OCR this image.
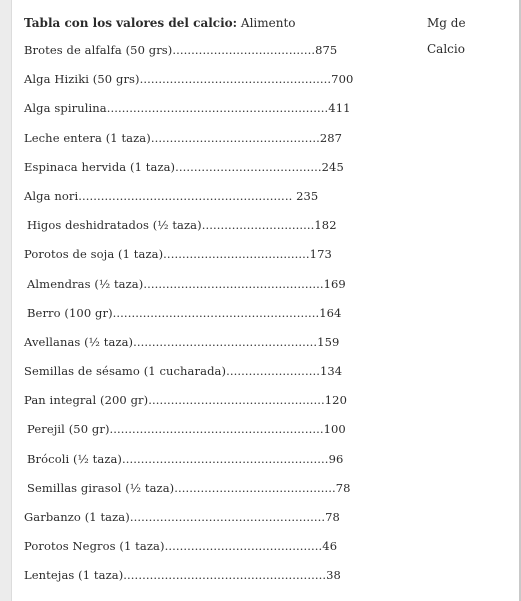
Tabla con los valores del calcio: Alimento	Mg de Calcio
Brotes de alfalfa (50 grs)......................................875
Alga Hiziki (50 grs)...................................................700
Alga spirulina...........................................................411
Leche entera (1 taza).............................................287
Espinaca hervida (1 taza).......................................245
Alga nori......................................................... 235
Higos deshidratados (½ taza)..............................182
Porotos de soja (1 taza).......................................173
Almendras (½ taza)................................................169
Berro (100 gr).......................................................164
Avellanas (½ taza).................................................159
Semillas de sésamo (1 cucharada).........................134
Pan integral (200 gr)...............................................120
Perejil (50 gr).........................................................100
Brócoli (½ taza).......................................................96
Semillas girasol (½ taza)...........................................78
Garbanzo (1 taza)....................................................78
Porotos Negros (1 taza)..........................................46
Lentejas (1 taza)......................................................38
